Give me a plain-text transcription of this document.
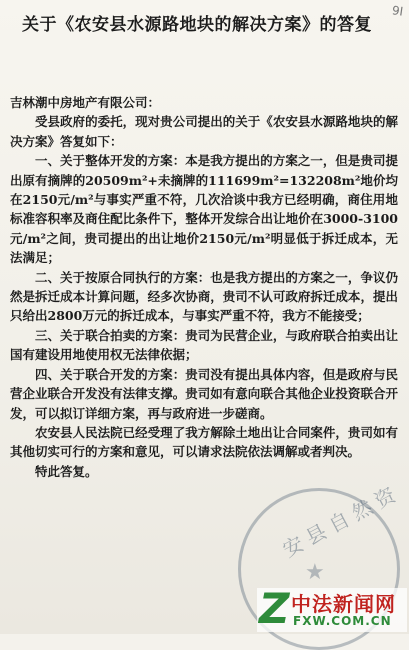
9I
关于《农安县水源路地块的解决方案》的答复

吉林潮中房地产有限公司：

受县政府的委托，现对贵公司提出的关于《农安县水源路地块的解决方案》答复如下：

一、关于整体开发的方案：本是我方提出的方案之一，但是贵司提出原有摘牌的20509m²+未摘牌的111699m²=132208m²地价均在2150元/m²与事实严重不符，几次洽谈中我方已经明确，商住用地标准容积率及商住配比条件下，整体开发综合出让地价在3000-3100元/m²之间，贵司提出的出让地价2150元/m²明显低于拆迁成本，无法满足；

二、关于按原合同执行的方案：也是我方提出的方案之一，争议仍然是拆迁成本计算问题，经多次协商，贵司不认可政府拆迁成本，提出只给出2800万元的拆迁成本，与事实严重不符，我方不能接受；

三、关于联合拍卖的方案：贵司为民营企业，与政府联合拍卖出让国有建设用地使用权无法律依据；

四、关于联合开发的方案：贵司没有提出具体内容，但是政府与民营企业联合开发没有法律支撑。贵司如有意向联合其他企业投资联合开发，可以拟订详细方案，再与政府进一步磋商。

农安县人民法院已经受理了我方解除土地出让合同案件，贵司如有其他切实可行的方案和意见，可以请求法院依法调解或者判决。

特此答复。

安县自然资
★
Z 中法新闻网
FXW.COM.CN
